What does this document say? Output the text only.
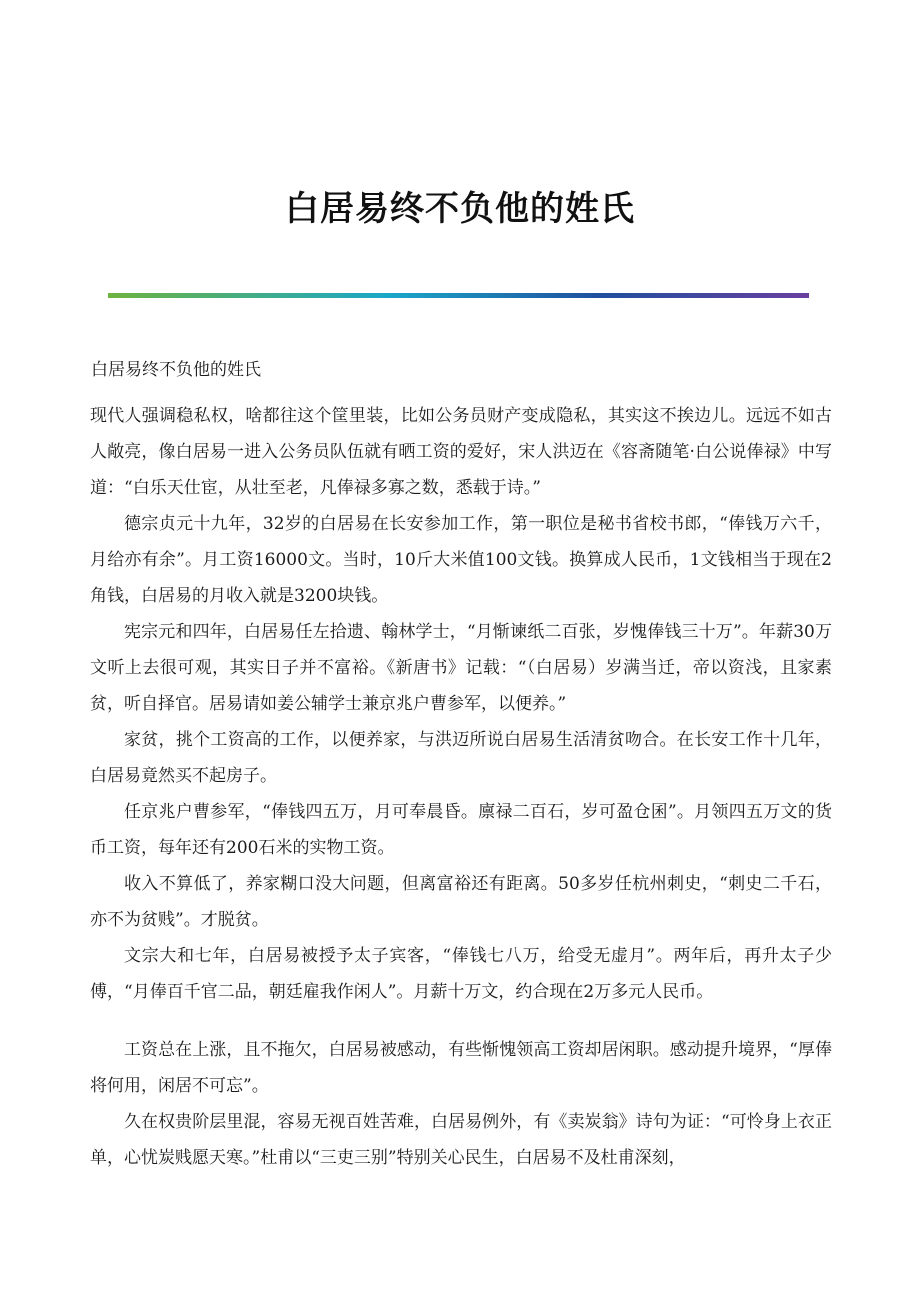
白居易终不负他的姓氏
白居易终不负他的姓氏

现代人强调稳私权，啥都往这个筐里装，比如公务员财产变成隐私，其实这不挨边儿。远远不如古人敞亮，像白居易一进入公务员队伍就有晒工资的爱好，宋人洪迈在《容斋随笔·白公说俸禄》中写道：“白乐天仕宦，从壮至老，凡俸禄多寡之数，悉载于诗。”

德宗贞元十九年，32岁的白居易在长安参加工作，第一职位是秘书省校书郎，“俸钱万六千，月给亦有余”。月工资16000文。当时，10斤大米值100文钱。换算成人民币，1文钱相当于现在2角钱，白居易的月收入就是3200块钱。

宪宗元和四年，白居易任左拾遗、翰林学士，“月惭谏纸二百张，岁愧俸钱三十万”。年薪30万文听上去很可观，其实日子并不富裕。《新唐书》记载：“（白居易）岁满当迁，帝以资浅，且家素贫，听自择官。居易请如姜公辅学士兼京兆户曹参军，以便养。”

家贫，挑个工资高的工作，以便养家，与洪迈所说白居易生活清贫吻合。在长安工作十几年，白居易竟然买不起房子。

任京兆户曹参军，“俸钱四五万，月可奉晨昏。廪禄二百石，岁可盈仓囷”。月领四五万文的货币工资，每年还有200石米的实物工资。

收入不算低了，养家糊口没大问题，但离富裕还有距离。50多岁任杭州刺史，“刺史二千石，亦不为贫贱”。才脱贫。

文宗大和七年，白居易被授予太子宾客，“俸钱七八万，给受无虚月”。两年后，再升太子少傅，“月俸百千官二品，朝廷雇我作闲人”。月薪十万文，约合现在2万多元人民币。

工资总在上涨，且不拖欠，白居易被感动，有些惭愧领高工资却居闲职。感动提升境界，“厚俸将何用，闲居不可忘”。

久在权贵阶层里混，容易无视百姓苦难，白居易例外，有《卖炭翁》诗句为证：“可怜身上衣正单，心忧炭贱愿天寒。”杜甫以“三吏三别”特别关心民生，白居易不及杜甫深刻，
